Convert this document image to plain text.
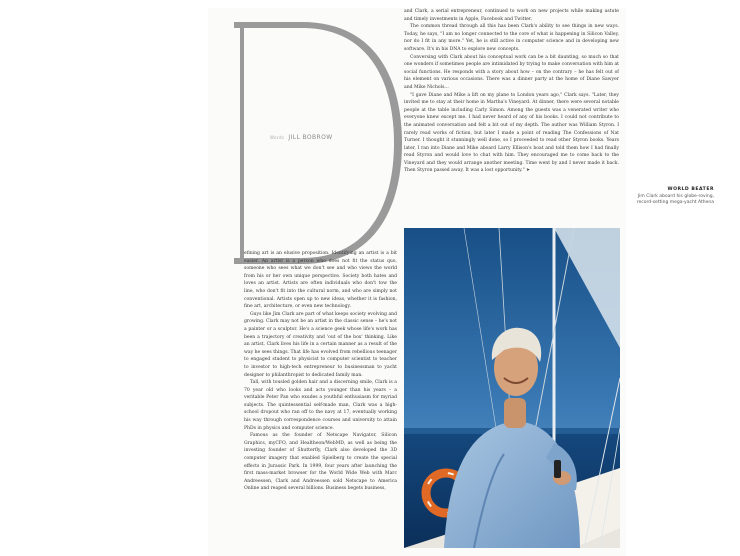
Words JILL BOBROW

efining art is an elusive proposition. Identifying an artist is a bit easier. An artist is a person who does not fit the status quo, someone who sees what we don't see and who views the world from his or her own unique perspective. Society both hates and loves an artist. Artists are often individuals who don't tow the line, who don't fit into the cultural norm, and who are simply not conventional. Artists open up to new ideas, whether it is fashion, fine art, architecture, or even new technology.

Guys like Jim Clark are part of what keeps society evolving and growing. Clark may not be an artist in the classic sense – he's not a painter or a sculptor. He's a science geek whose life's work has been a trajectory of creativity and 'out of the box' thinking. Like an artist, Clark lives his life in a certain manner as a result of the way he sees things. That life has evolved from rebellious teenager to engaged student to physicist to computer scientist to teacher to investor to high-tech entrepreneur to businessman to yacht designer to philanthropist to dedicated family man.

Tall, with tousled golden hair and a discerning smile, Clark is a 70 year old who looks and acts younger than his years – a veritable Peter Pan who exudes a youthful enthusiasm for myriad subjects. The quintessential self-made man, Clark was a high-school dropout who ran off to the navy at 17, eventually working his way through correspondence courses and university to attain PhDs in physics and computer science.

Famous as the founder of Netscape Navigator, Silicon Graphics, myCFO, and Healtheon/WebMD, as well as being the investing founder of Shutterfly, Clark also developed the 3D computer imagery that enabled Spielberg to create the special effects in Jurassic Park. In 1999, four years after launching the first mass-market browser for the World Wide Web with Marc Andreessen, Clark and Andreessen sold Netscape to America Online and reaped several billions. Business begets business,

and Clark, a serial entrepreneur, continued to work on new projects while making astute and timely investments in Apple, Facebook and Twitter.

The common thread through all this has been Clark's ability to see things in new ways. Today, he says, "I am no longer connected to the core of what is happening in Silicon Valley, nor do I fit in any more." Yet, he is still active in computer science and in developing new software. It's in his DNA to explore new concepts.

Conversing with Clark about his conceptual work can be a bit daunting, so much so that one wonders if sometimes people are intimidated by trying to make conversation with him at social functions. He responds with a story about how – on the contrary – he has felt out of his element on various occasions. There was a dinner party at the home of Diane Sawyer and Mike Nichols...

"I gave Diane and Mike a lift on my plane to London years ago," Clark says. "Later, they invited me to stay at their home in Martha's Vineyard. At dinner, there were several notable people at the table including Carly Simon. Among the guests was a venerated writer who everyone knew except me. I had never heard of any of his books. I could not contribute to the animated conversation and felt a bit out of my depth. The author was William Styron. I rarely read works of fiction, but later I made a point of reading The Confessions of Nat Turner. I thought it stunningly well done, so I proceeded to read other Styron books. Years later, I ran into Diane and Mike aboard Larry Ellison's boat and told them how I had finally read Styron and would love to chat with him. They encouraged me to come back to the Vineyard and they would arrange another meeting. Time went by and I never made it back. Then Styron passed away. It was a lost opportunity." ➤

WORLD BEATER
Jim Clark aboard his globe-roving, record-setting mega-yacht Athena
